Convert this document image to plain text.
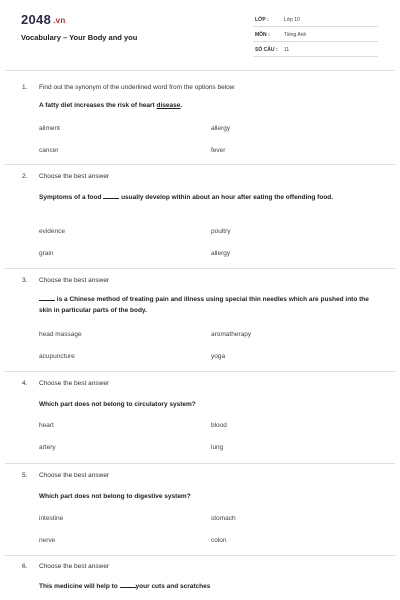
2048 .vn
Vocabulary – Your Body and you
LỚP :	Lớp 10
MÔN :	Tiếng Anh
SỐ CÂU : 11
1. Find out the synonym of the underlined word from the options below
A fatty diet increases the risk of heart disease.
ailment	allergy
cancer	fever
2. Choose the best answer
Symptoms of a food  usually develop within about an hour after eating the offending food.
evidence	poultry
grain	allergy
3. Choose the best answer
is a Chinese method of treating pain and illness using special thin needles which are pushed into the skin in particular parts of the body.
head massage	aromatherapy
acupuncture	yoga
4. Choose the best answer
Which part does not belong to circulatory system?
heart	blood
artery	lung
5. Choose the best answer
Which part does not belong to digestive system?
intestine	stomach
nerve	colon
6. Choose the best answer
This medicine will help to your cuts and scratches
